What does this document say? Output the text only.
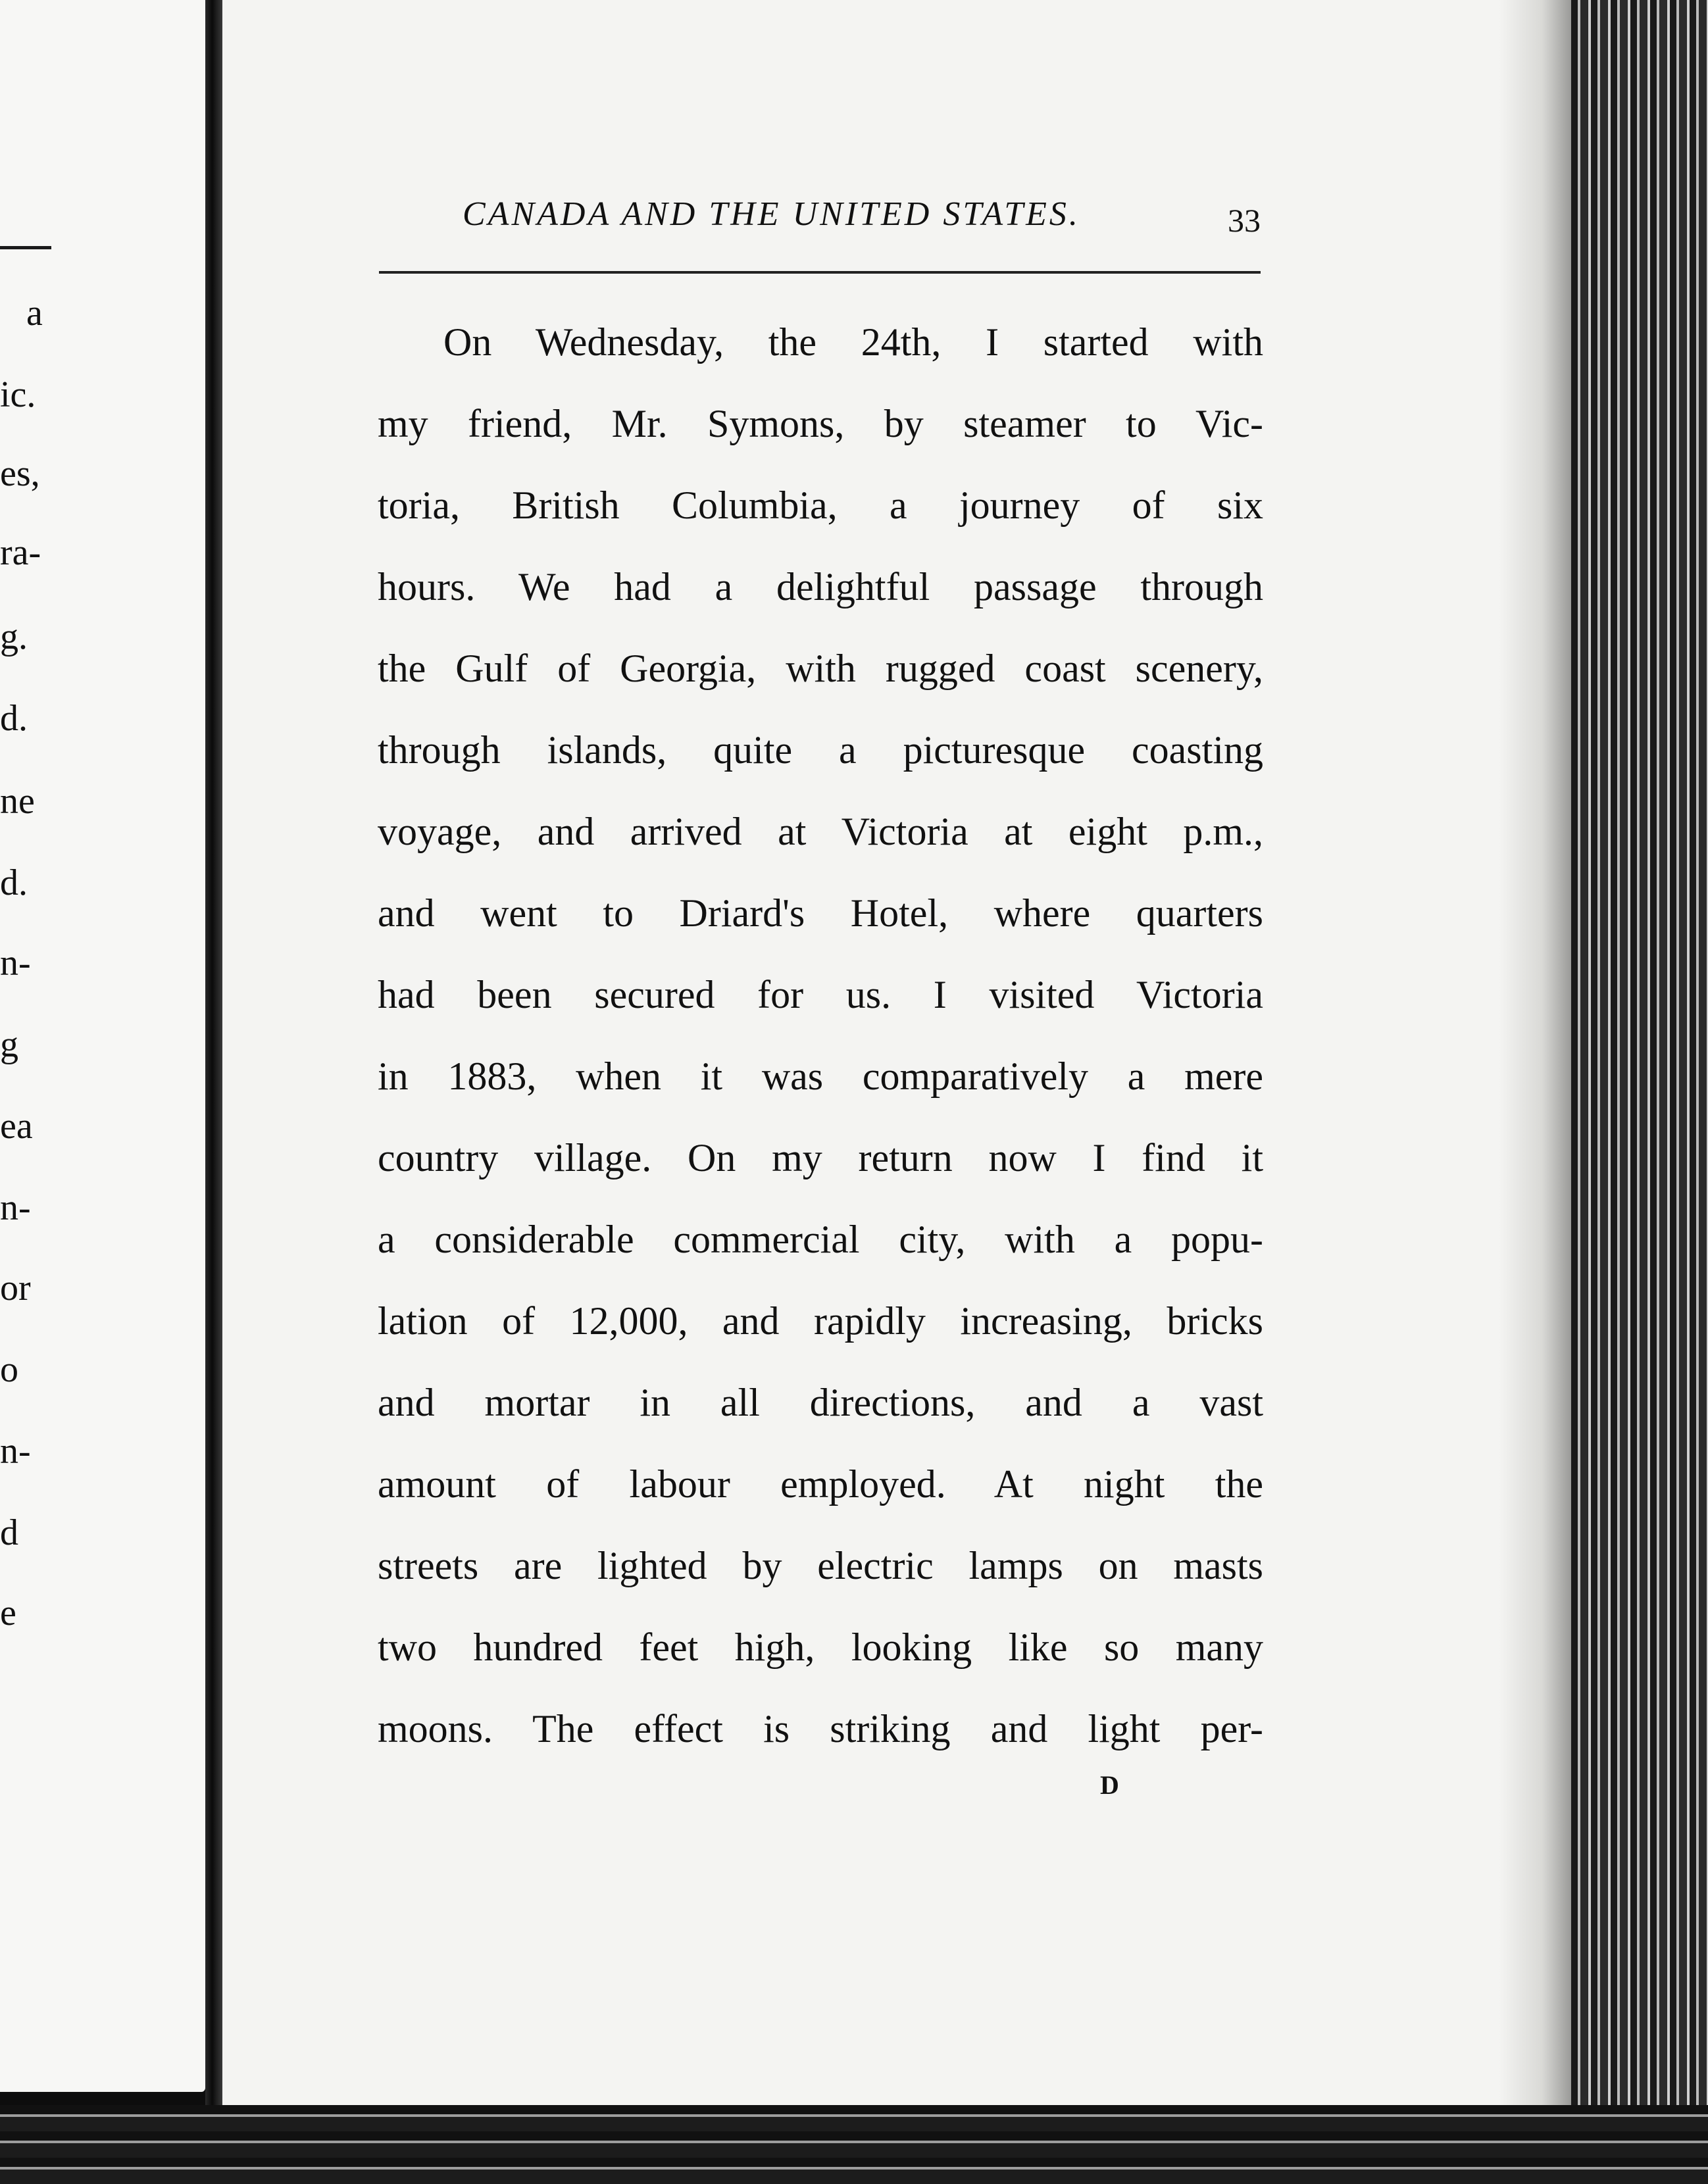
a
ic.
es,
ra-
g.
d.
ne
d.
n-
g
ea
n-
or
o
n-
d
e
CANADA AND THE UNITED STATES.	33
On Wednesday, the 24th, I started with
my friend, Mr. Symons, by steamer to Vic-
toria, British Columbia, a journey of six
hours. We had a delightful passage through
the Gulf of Georgia, with rugged coast scenery,
through islands, quite a picturesque coasting
voyage, and arrived at Victoria at eight p.m.,
and went to Driard's Hotel, where quarters
had been secured for us. I visited Victoria
in 1883, when it was comparatively a mere
country village. On my return now I find it
a considerable commercial city, with a popu-
lation of 12,000, and rapidly increasing, bricks
and mortar in all directions, and a vast
amount of labour employed. At night the
streets are lighted by electric lamps on masts
two hundred feet high, looking like so many
moons. The effect is striking and light per-
D
